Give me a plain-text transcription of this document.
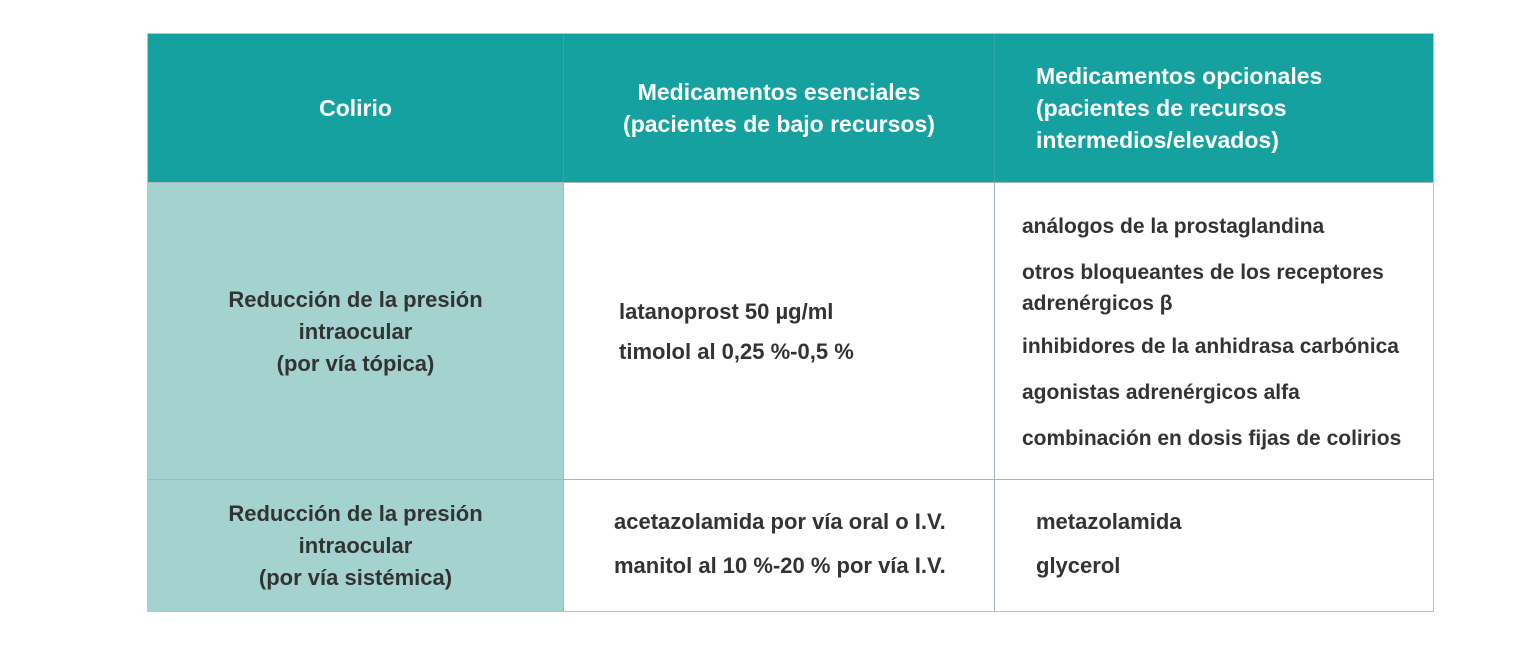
Colirio
Medicamentos esenciales
(pacientes de bajo recursos)
Medicamentos opcionales
(pacientes de recursos
intermedios/elevados)
Reducción de la presión
intraocular
(por vía tópica)
latanoprost 50 µg/ml
timolol al 0,25 %-0,5 %
análogos de la prostaglandina
otros bloqueantes de los receptores
adrenérgicos β
inhibidores de la anhidrasa carbónica
agonistas adrenérgicos alfa
combinación en dosis fijas de colirios
Reducción de la presión
intraocular
(por vía sistémica)
acetazolamida por vía oral o I.V.
manitol al 10 %-20 % por vía I.V.
metazolamida
glycerol
